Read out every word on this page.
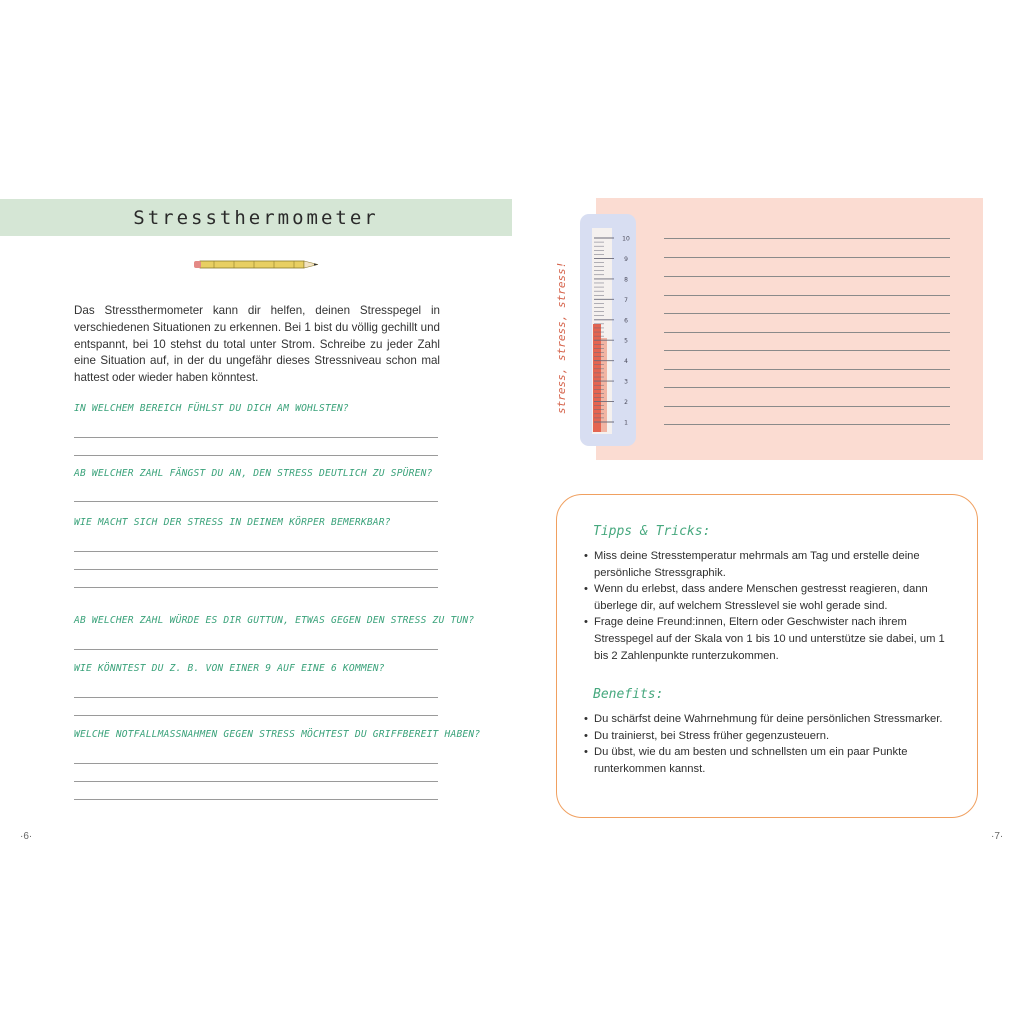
Stressthermometer
Das Stressthermometer kann dir helfen, deinen Stresspegel in verschiedenen Situationen zu erkennen. Bei 1 bist du völlig gechillt und entspannt, bei 10 stehst du total unter Strom. Schreibe zu jeder Zahl eine Situation auf, in der du ungefähr dieses Stressniveau schon mal hattest oder wieder haben könntest.
IN WELCHEM BEREICH FÜHLST DU DICH AM WOHLSTEN?
AB WELCHER ZAHL FÄNGST DU AN, DEN STRESS DEUTLICH ZU SPÜREN?
WIE MACHT SICH DER STRESS IN DEINEM KÖRPER BEMERKBAR?
AB WELCHER ZAHL WÜRDE ES DIR GUTTUN, ETWAS GEGEN DEN STRESS ZU TUN?
WIE KÖNNTEST DU Z. B. VON EINER 9 AUF EINE 6 KOMMEN?
WELCHE NOTFALLMASSNAHMEN GEGEN STRESS MÖCHTEST DU GRIFFBEREIT HABEN?
·6·
stress, stress, stress!
10
9
8
7
6
5
4
3
2
1
Tipps & Tricks:
• Miss deine Stresstemperatur mehrmals am Tag und erstelle deine persönliche Stressgraphik.
• Wenn du erlebst, dass andere Menschen gestresst reagieren, dann überlege dir, auf welchem Stresslevel sie wohl gerade sind.
• Frage deine Freund:innen, Eltern oder Geschwister nach ihrem Stresspegel auf der Skala von 1 bis 10 und unterstütze sie dabei, um 1 bis 2 Zahlenpunkte runterzukommen.
Benefits:
• Du schärfst deine Wahrnehmung für deine persönlichen Stressmarker.
• Du trainierst, bei Stress früher gegenzusteuern.
• Du übst, wie du am besten und schnellsten um ein paar Punkte runterkommen kannst.
·7·
